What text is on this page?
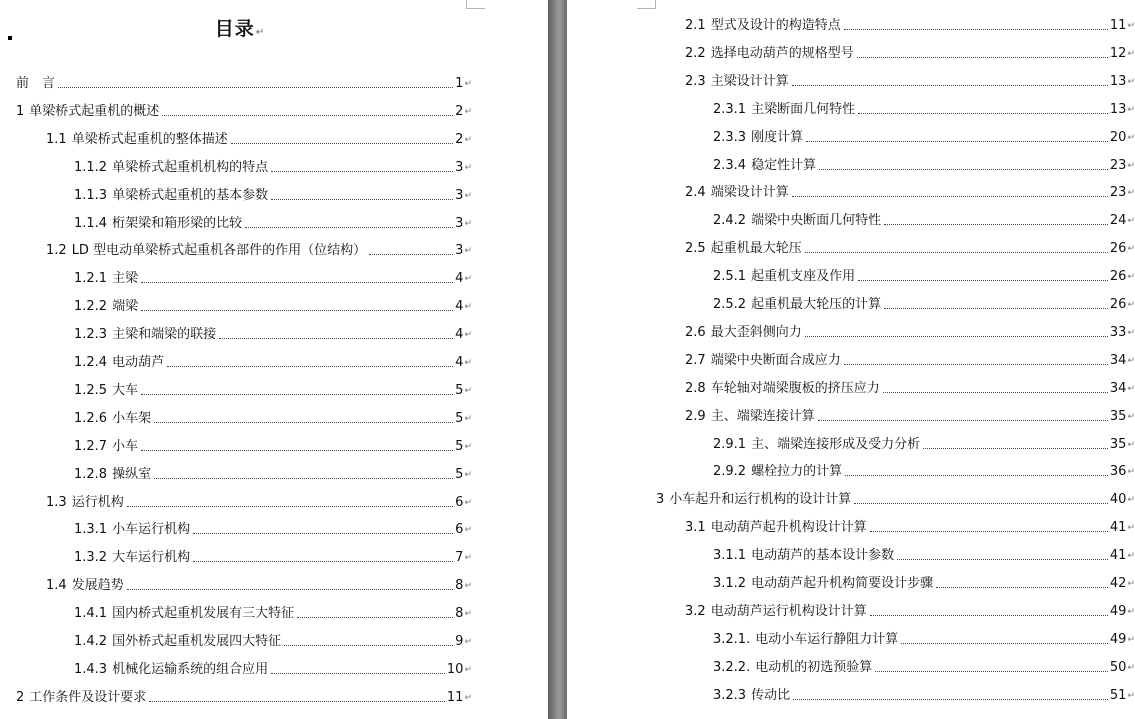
目录↵
前　言	1 ↵
1 单梁桥式起重机的概述	2 ↵
1.1 单梁桥式起重机的整体描述	2 ↵
1.1.2 单梁桥式起重机机构的特点	3 ↵
1.1.3 单梁桥式起重机的基本参数	3 ↵
1.1.4 桁架梁和箱形梁的比较	3 ↵
1.2 LD 型电动单梁桥式起重机各部件的作用（位结构）	3 ↵
1.2.1 主梁	4 ↵
1.2.2 端梁	4 ↵
1.2.3 主梁和端梁的联接	4 ↵
1.2.4 电动葫芦	4 ↵
1.2.5 大车	5 ↵
1.2.6 小车架	5 ↵
1.2.7 小车	5 ↵
1.2.8 操纵室	5 ↵
1.3 运行机构	6 ↵
1.3.1 小车运行机构	6 ↵
1.3.2 大车运行机构	7 ↵
1.4 发展趋势	8 ↵
1.4.1 国内桥式起重机发展有三大特征	8 ↵
1.4.2 国外桥式起重机发展四大特征	9 ↵
1.4.3 机械化运输系统的组合应用	10 ↵
2 工作条件及设计要求	11 ↵
2.1 型式及设计的构造特点	11 ↵
2.2 选择电动葫芦的规格型号	12 ↵
2.3 主梁设计计算	13 ↵
2.3.1 主梁断面几何特性	13 ↵
2.3.3 刚度计算	20 ↵
2.3.4 稳定性计算	23 ↵
2.4 端梁设计计算	23 ↵
2.4.2 端梁中央断面几何特性	24 ↵
2.5 起重机最大轮压	26 ↵
2.5.1 起重机支座及作用	26 ↵
2.5.2 起重机最大轮压的计算	26 ↵
2.6 最大歪斜侧向力	33 ↵
2.7 端梁中央断面合成应力	34 ↵
2.8 车轮轴对端梁腹板的挤压应力	34 ↵
2.9 主、端梁连接计算	35 ↵
2.9.1 主、端梁连接形成及受力分析	35 ↵
2.9.2 螺栓拉力的计算	36 ↵
3 小车起升和运行机构的设计计算	40 ↵
3.1 电动葫芦起升机构设计计算	41 ↵
3.1.1 电动葫芦的基本设计参数	41 ↵
3.1.2 电动葫芦起升机构简要设计步骤	42 ↵
3.2 电动葫芦运行机构设计计算	49 ↵
3.2.1. 电动小车运行静阻力计算	49 ↵
3.2.2. 电动机的初选预验算	50 ↵
3.2.3 传动比	51 ↵
